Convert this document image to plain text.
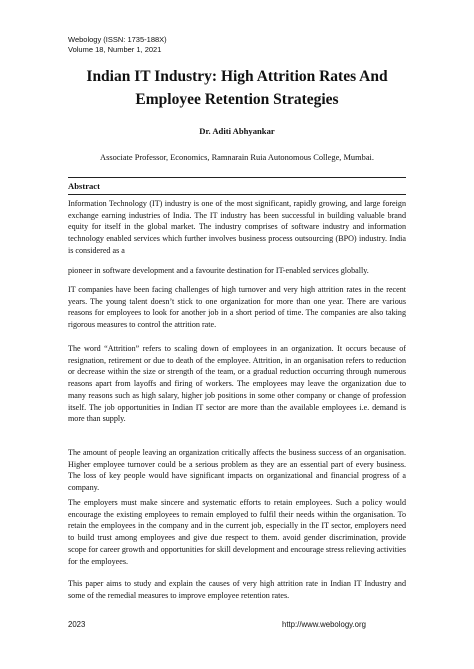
Webology (ISSN: 1735-188X)
Volume 18, Number 1, 2021
Indian IT Industry: High Attrition Rates And
Employee Retention Strategies
Dr. Aditi Abhyankar
Associate Professor, Economics, Ramnarain Ruia Autonomous College, Mumbai.
Abstract
Information Technology (IT) industry is one of the most significant, rapidly growing, and large foreign exchange earning industries of India. The IT industry has been successful in building valuable brand equity for itself in the global market. The industry comprises of software industry and information technology enabled services which further involves business process outsourcing (BPO) industry. India is considered as a
pioneer in software development and a favourite destination for IT-enabled services globally.
IT companies have been facing challenges of high turnover and very high attrition rates in the recent years. The young talent doesn’t stick to one organization for more than one year. There are various reasons for employees to look for another job in a short period of time. The companies are also taking rigorous measures to control the attrition rate.
The word “Attrition” refers to scaling down of employees in an organization. It occurs because of resignation, retirement or due to death of the employee. Attrition, in an organisation refers to reduction or decrease within the size or strength of the team, or a gradual reduction occurring through numerous reasons apart from layoffs and firing of workers. The employees may leave the organization due to many reasons such as high salary, higher job positions in some other company or change of profession itself. The job opportunities in Indian IT sector are more than the available employees i.e. demand is more than supply.
The amount of people leaving an organization critically affects the business success of an organisation. Higher employee turnover could be a serious problem as they are an essential part of every business. The loss of key people would have significant impacts on organizational and financial progress of a company.
The employers must make sincere and systematic efforts to retain employees. Such a policy would encourage the existing employees to remain employed to fulfil their needs within the organisation. To retain the employees in the company and in the current job, especially in the IT sector, employers need to build trust among employees and give due respect to them. avoid gender discrimination, provide scope for career growth and opportunities for skill development and encourage stress relieving activities for the employees.
This paper aims to study and explain the causes of very high attrition rate in Indian IT Industry and some of the remedial measures to improve employee retention rates.
2023	http://www.webology.org
